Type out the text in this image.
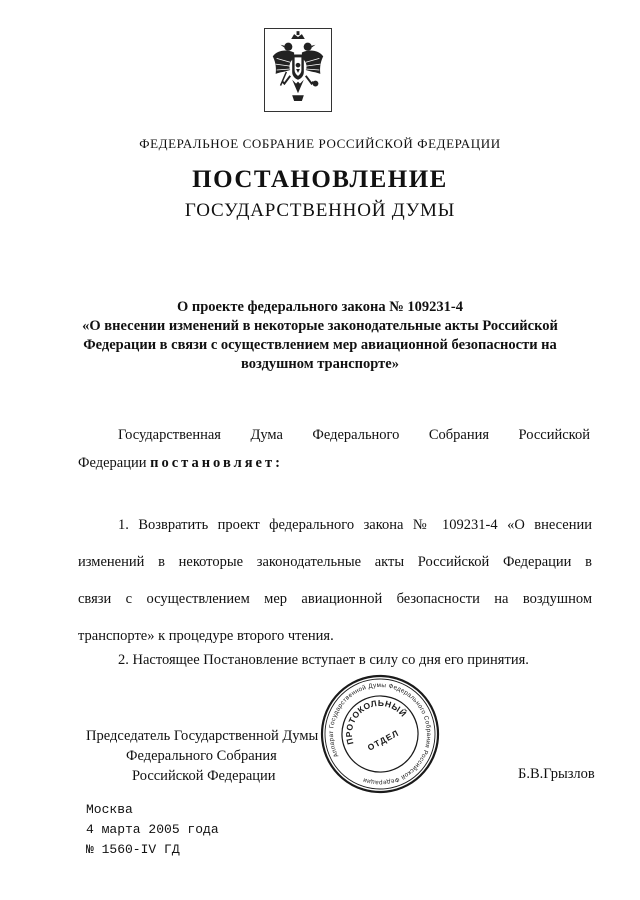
ФЕДЕРАЛЬНОЕ СОБРАНИЕ РОССИЙСКОЙ ФЕДЕРАЦИИ
ПОСТАНОВЛЕНИЕ
ГОСУДАРСТВЕННОЙ ДУМЫ
О проекте федерального закона № 109231-4
«О внесении изменений в некоторые законодательные акты Российской
Федерации в связи с осуществлением мер авиационной безопасности на
воздушном транспорте»
Государственная Дума Федерального Собрания Российской
Федерации постановляет:
1. Возвратить проект федерального закона № 109231-4 «О внесении
изменений в некоторые законодательные акты Российской Федерации в
связи с осуществлением мер авиационной безопасности на воздушном
транспорте» к процедуре второго чтения.
2. Настоящее Постановление вступает в силу со дня его принятия.
Председатель Государственной Думы
Федерального Собрания
Российской Федерации	Б.В.Грызлов
Аппарат Государственной Думы Федерального Собрания Российской Федерации
ПРОТОКОЛЬНЫЙ
ОТДЕЛ
Москва
4 марта 2005 года
№ 1560-IV ГД
